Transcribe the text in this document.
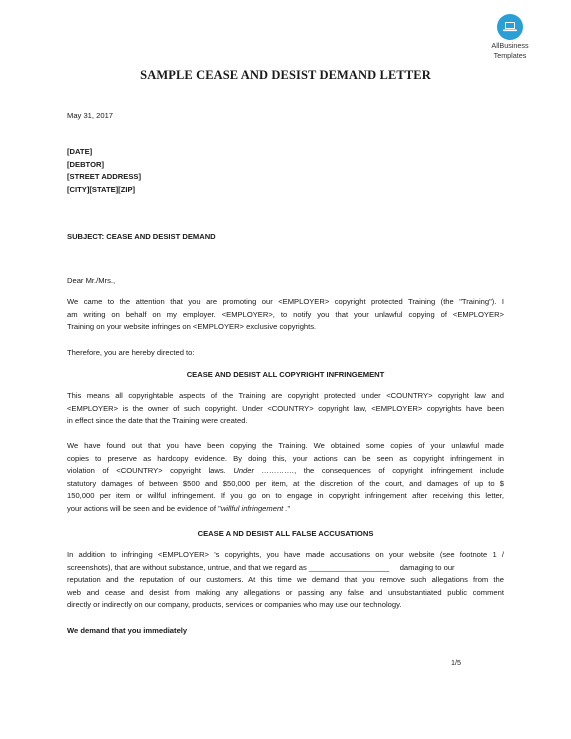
AllBusiness
Templates
SAMPLE CEASE AND DESIST DEMAND LETTER
May 31, 2017
[DATE]
[DEBTOR]
[STREET ADDRESS]
[CITY][STATE][ZIP]
SUBJECT: CEASE AND DESIST DEMAND
Dear Mr./Mrs.,
We came to the attention that you are promoting our <EMPLOYER> copyright protected Training (the "Training"). I
am writing on behalf on my employer. <EMPLOYER>, to notify you that your unlawful copying of <EMPLOYER>
Training on your website infringes on <EMPLOYER> exclusive copyrights.
Therefore, you are hereby directed to:
CEASE AND DESIST ALL COPYRIGHT INFRINGEMENT
This means all copyrightable aspects of the Training are copyright protected under <COUNTRY> copyright law and
<EMPLOYER> is the owner of such copyright. Under <COUNTRY> copyright law, <EMPLOYER> copyrights have been
in effect since the date that the Training were created.
We have found out that you have been copying the Training. We obtained some copies of your unlawful made
copies to preserve as hardcopy evidence. By doing this, your actions can be seen as copyright infringement in
violation of <COUNTRY> copyright laws. Under …………., the consequences of copyright infringement include
statutory damages of between $500 and $50,000 per item, at the discretion of the court, and damages of up to $
150,000 per item or willful infringement. If you go on to engage in copyright infringement after receiving this letter,
your actions will be seen and be evidence of "willful infringement ."
CEASE A ND DESIST ALL FALSE ACCUSATIONS
In addition to infringing <EMPLOYER> 's copyrights, you have made accusations on your website (see footnote 1 /
screenshots), that are without substance, untrue, and that we regard as ___________________ damaging to our
reputation and the reputation of our customers. At this time we demand that you remove such allegations from the
web and cease and desist from making any allegations or passing any false and unsubstantiated public comment
directly or indirectly on our company, products, services or companies who may use our technology.
We demand that you immediately
1/5
